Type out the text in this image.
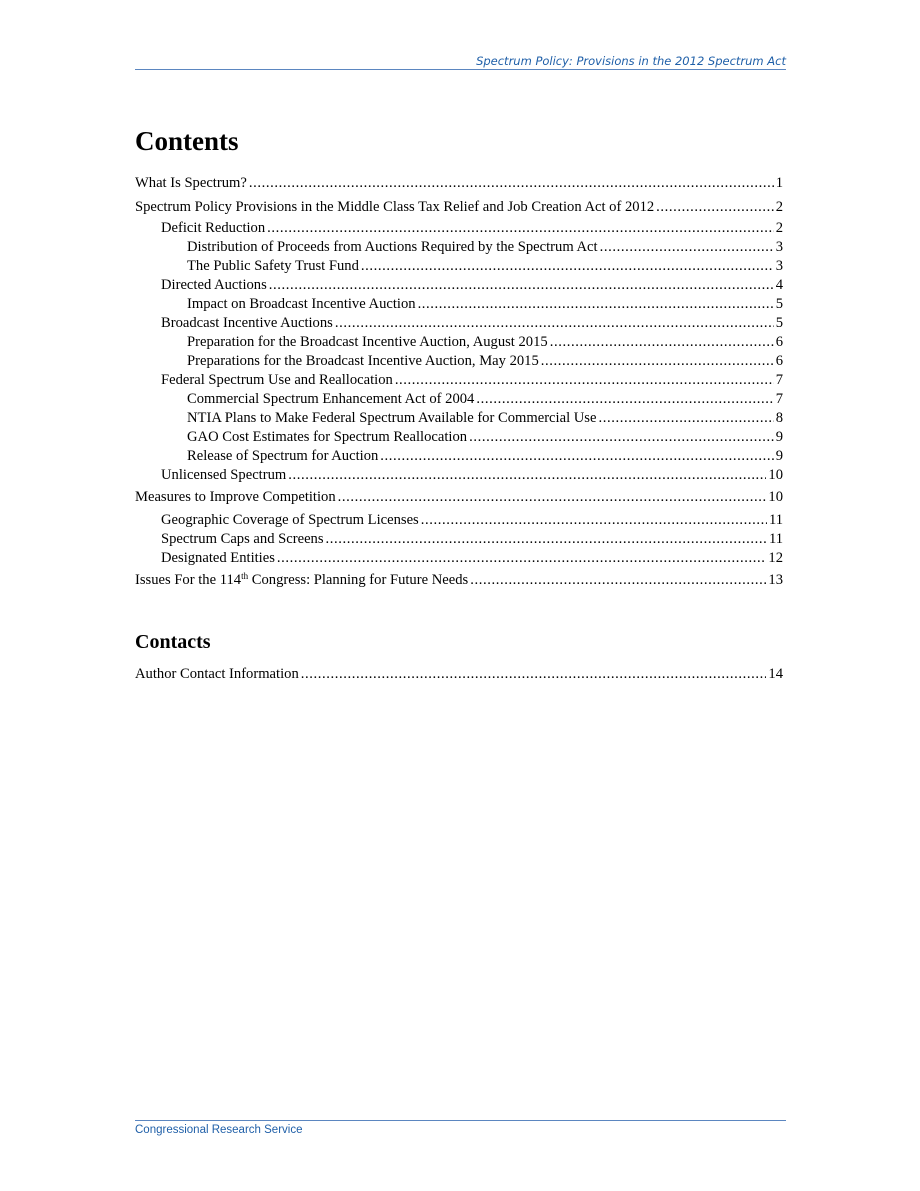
Spectrum Policy: Provisions in the 2012 Spectrum Act
Contents
What Is Spectrum? .....	1
Spectrum Policy Provisions in the Middle Class Tax Relief and Job Creation Act of 2012 .....	2
Deficit Reduction .....	2
Distribution of Proceeds from Auctions Required by the Spectrum Act .....	3
The Public Safety Trust Fund .....	3
Directed Auctions .....	4
Impact on Broadcast Incentive Auction .....	5
Broadcast Incentive Auctions .....	5
Preparation for the Broadcast Incentive Auction, August 2015 .....	6
Preparations for the Broadcast Incentive Auction, May 2015 .....	6
Federal Spectrum Use and Reallocation .....	7
Commercial Spectrum Enhancement Act of 2004 .....	7
NTIA Plans to Make Federal Spectrum Available for Commercial Use .....	8
GAO Cost Estimates for Spectrum Reallocation .....	9
Release of Spectrum for Auction .....	9
Unlicensed Spectrum .....	10
Measures to Improve Competition .....	10
Geographic Coverage of Spectrum Licenses .....	11
Spectrum Caps and Screens .....	11
Designated Entities .....	12
Issues For the 114th Congress: Planning for Future Needs .....	13
Contacts
Author Contact Information .....	14
Congressional Research Service
